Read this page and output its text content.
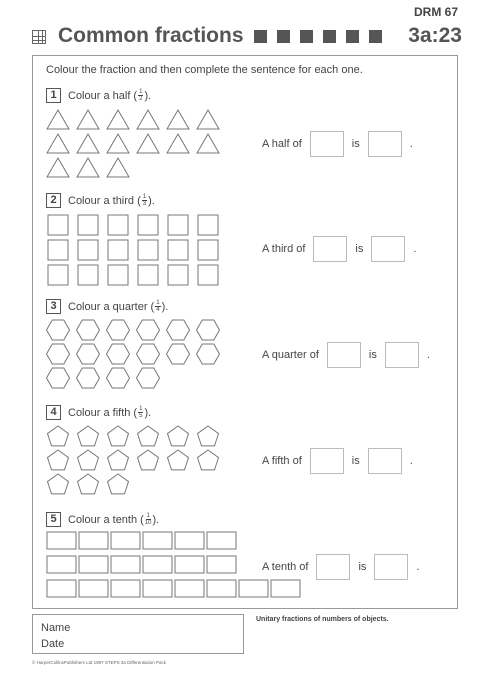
DRM 67
Common fractions	3a:23
Colour the fraction and then complete the sentence for each one.
1	Colour a half ( $\frac{1}{2}$ ).
2	Colour a third ( $\frac{1}{3}$ ).
3	Colour a quarter ( $\frac{1}{4}$ ).
4	Colour a fifth ( $\frac{1}{5}$ ).
5	Colour a tenth ( $\frac{1}{10}$ ).
A half of	is	.
A third of	is	.
A quarter of	is	.
A fifth of	is	.
A tenth of	is	.
Name
Date
Unitary fractions of numbers of objects.
© HarperCollinsPublishers Ltd 1997 STEPS 3a Differentiation Pack
